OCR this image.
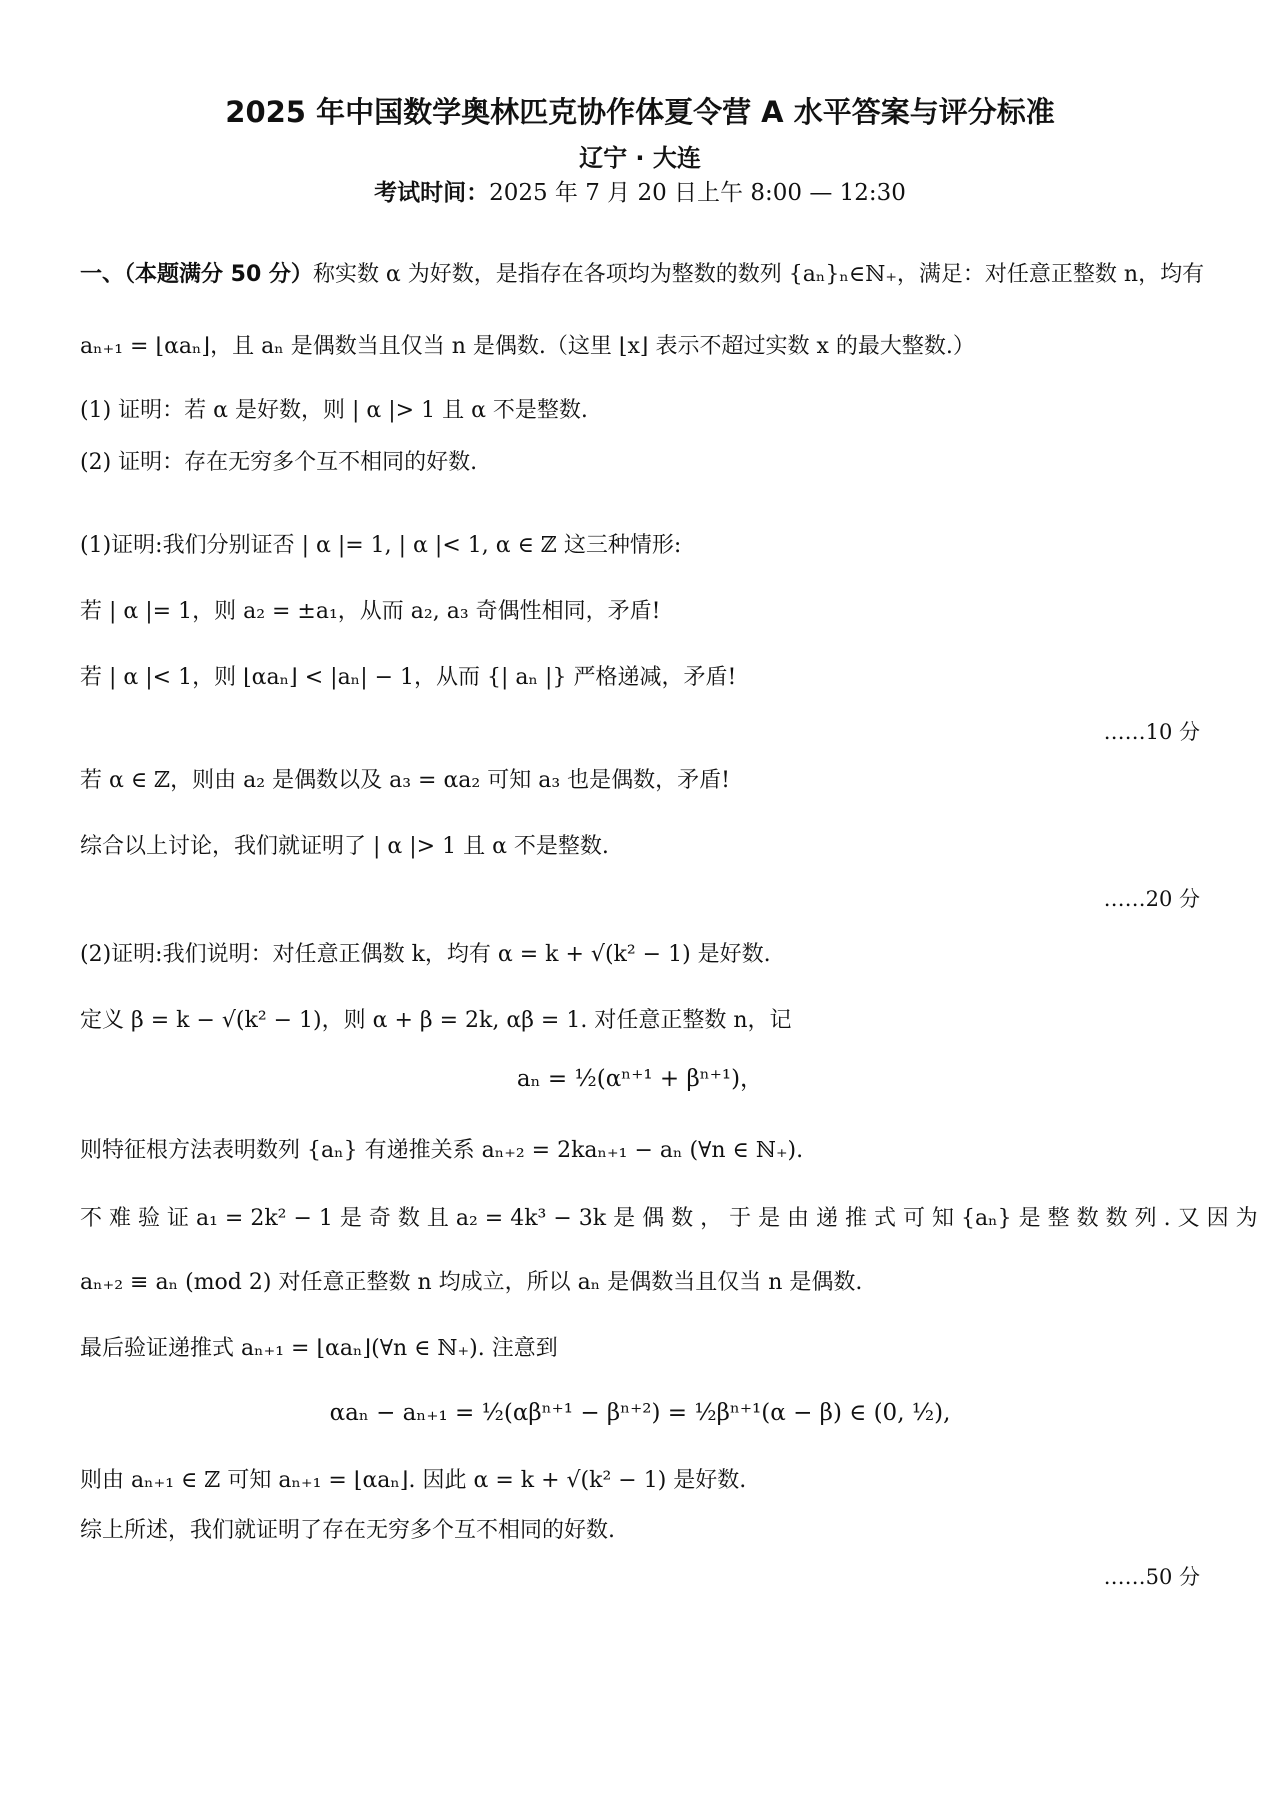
2025 年中国数学奥林匹克协作体夏令营 A 水平答案与评分标准
辽宁 · 大连
考试时间：2025 年 7 月 20 日上午 8:00 — 12:30
一、（本题满分 50 分）称实数 α 为好数，是指存在各项均为整数的数列 {aₙ}ₙ∈ℕ₊，满足：对任意正整数 n，均有
aₙ₊₁ = ⌊αaₙ⌋，且 aₙ 是偶数当且仅当 n 是偶数.（这里 ⌊x⌋ 表示不超过实数 x 的最大整数.）
(1) 证明：若 α 是好数，则 | α |> 1 且 α 不是整数.
(2) 证明：存在无穷多个互不相同的好数.
(1)证明:我们分别证否 | α |= 1, | α |< 1, α ∈ ℤ 这三种情形:
若 | α |= 1，则 a₂ = ±a₁，从而 a₂, a₃ 奇偶性相同，矛盾!
若 | α |< 1，则 ⌊αaₙ⌋ < |aₙ| − 1，从而 {| aₙ |} 严格递减，矛盾!
……10 分
若 α ∈ ℤ，则由 a₂ 是偶数以及 a₃ = αa₂ 可知 a₃ 也是偶数，矛盾!
综合以上讨论，我们就证明了 | α |> 1 且 α 不是整数.
……20 分
(2)证明:我们说明：对任意正偶数 k，均有 α = k + √(k² − 1) 是好数.
定义 β = k − √(k² − 1)，则 α + β = 2k, αβ = 1. 对任意正整数 n，记
aₙ = ½(αⁿ⁺¹ + βⁿ⁺¹)，
则特征根方法表明数列 {aₙ} 有递推关系 aₙ₊₂ = 2kaₙ₊₁ − aₙ (∀n ∈ ℕ₊).
不 难 验 证 a₁ = 2k² − 1 是 奇 数 且 a₂ = 4k³ − 3k 是 偶 数 ， 于 是 由 递 推 式 可 知 {aₙ} 是 整 数 数 列 . 又 因 为
aₙ₊₂ ≡ aₙ (mod 2) 对任意正整数 n 均成立，所以 aₙ 是偶数当且仅当 n 是偶数.
最后验证递推式 aₙ₊₁ = ⌊αaₙ⌋(∀n ∈ ℕ₊). 注意到
αaₙ − aₙ₊₁ = ½(αβⁿ⁺¹ − βⁿ⁺²) = ½βⁿ⁺¹(α − β) ∈ (0, ½),
则由 aₙ₊₁ ∈ ℤ 可知 aₙ₊₁ = ⌊αaₙ⌋. 因此 α = k + √(k² − 1) 是好数.
综上所述，我们就证明了存在无穷多个互不相同的好数.
……50 分
